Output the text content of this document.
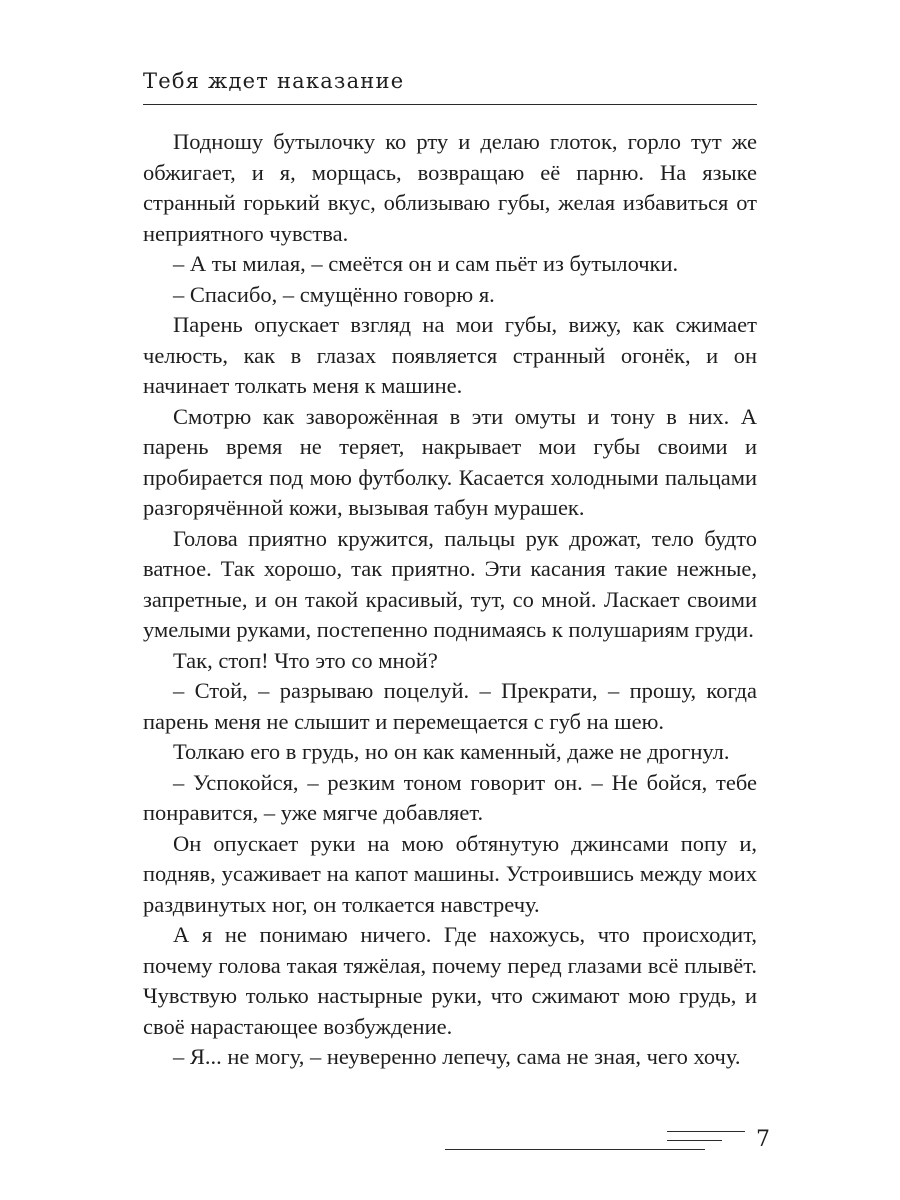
Тебя ждет наказание

Подношу бутылочку ко рту и делаю глоток, горло тут же обжигает, и я, морщась, возвращаю её парню. На языке странный горький вкус, облизываю губы, желая избавиться от неприятного чувства.

– А ты милая, – смеётся он и сам пьёт из бутылочки.

– Спасибо, – смущённо говорю я.

Парень опускает взгляд на мои губы, вижу, как сжимает челюсть, как в глазах появляется странный огонёк, и он начинает толкать меня к машине.

Смотрю как заворожённая в эти омуты и тону в них. А парень время не теряет, накрывает мои губы своими и пробирается под мою футболку. Касается холодными пальцами разгорячённой кожи, вызывая табун мурашек.

Голова приятно кружится, пальцы рук дрожат, тело будто ватное. Так хорошо, так приятно. Эти касания такие нежные, запретные, и он такой красивый, тут, со мной. Ласкает своими умелыми руками, постепенно поднимаясь к полушариям груди.

Так, стоп! Что это со мной?

– Стой, – разрываю поцелуй. – Прекрати, – прошу, когда парень меня не слышит и перемещается с губ на шею.

Толкаю его в грудь, но он как каменный, даже не дрогнул.

– Успокойся, – резким тоном говорит он. – Не бойся, тебе понравится, – уже мягче добавляет.

Он опускает руки на мою обтянутую джинсами попу и, подняв, усаживает на капот машины. Устроившись между моих раздвинутых ног, он толкается навстречу.

А я не понимаю ничего. Где нахожусь, что происходит, почему голова такая тяжёлая, почему перед глазами всё плывёт. Чувствую только настырные руки, что сжимают мою грудь, и своё нарастающее возбуждение.

– Я... не могу, – неуверенно лепечу, сама не зная, чего хочу.

7
